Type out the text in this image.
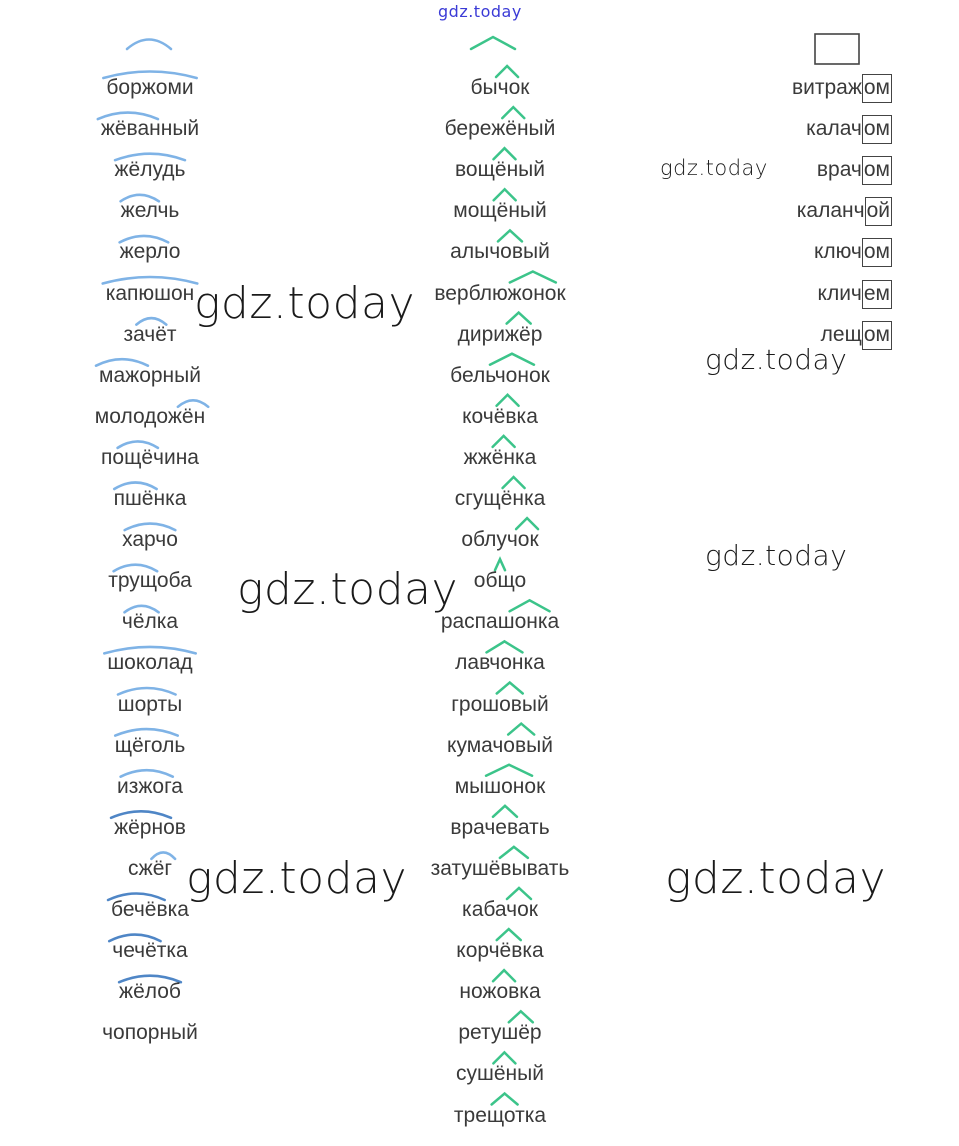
gdz.today
gdz.today
gdz.today
gdz.today	gdz.today
gdz.today
gdz.today
gdz.today
боржоми
жёванный
жёлудь
желчь
жерло
капюшон
зачёт
мажорный
молодожён
пощёчина
пшёнка
харчо
трущоба
чёлка
шоколад
шорты
щёголь
изжога
жёрнов
сжёг
бечёвка
чечётка
жёлоб
чопорный
бычок
бережёный
вощёный
мощёный
алычовый
верблюжонок
дирижёр
бельчонок
кочёвка
жжёнка
сгущёнка
облучок
общо
распашонка
лавчонка
грошовый
кумачовый
мышонок
врачевать
затушёвывать
кабачок
корчёвка
ножовка
ретушёр
сушёный
трещотка
витражом
калачом
врачом
каланчой
ключом
кличем
лещом
